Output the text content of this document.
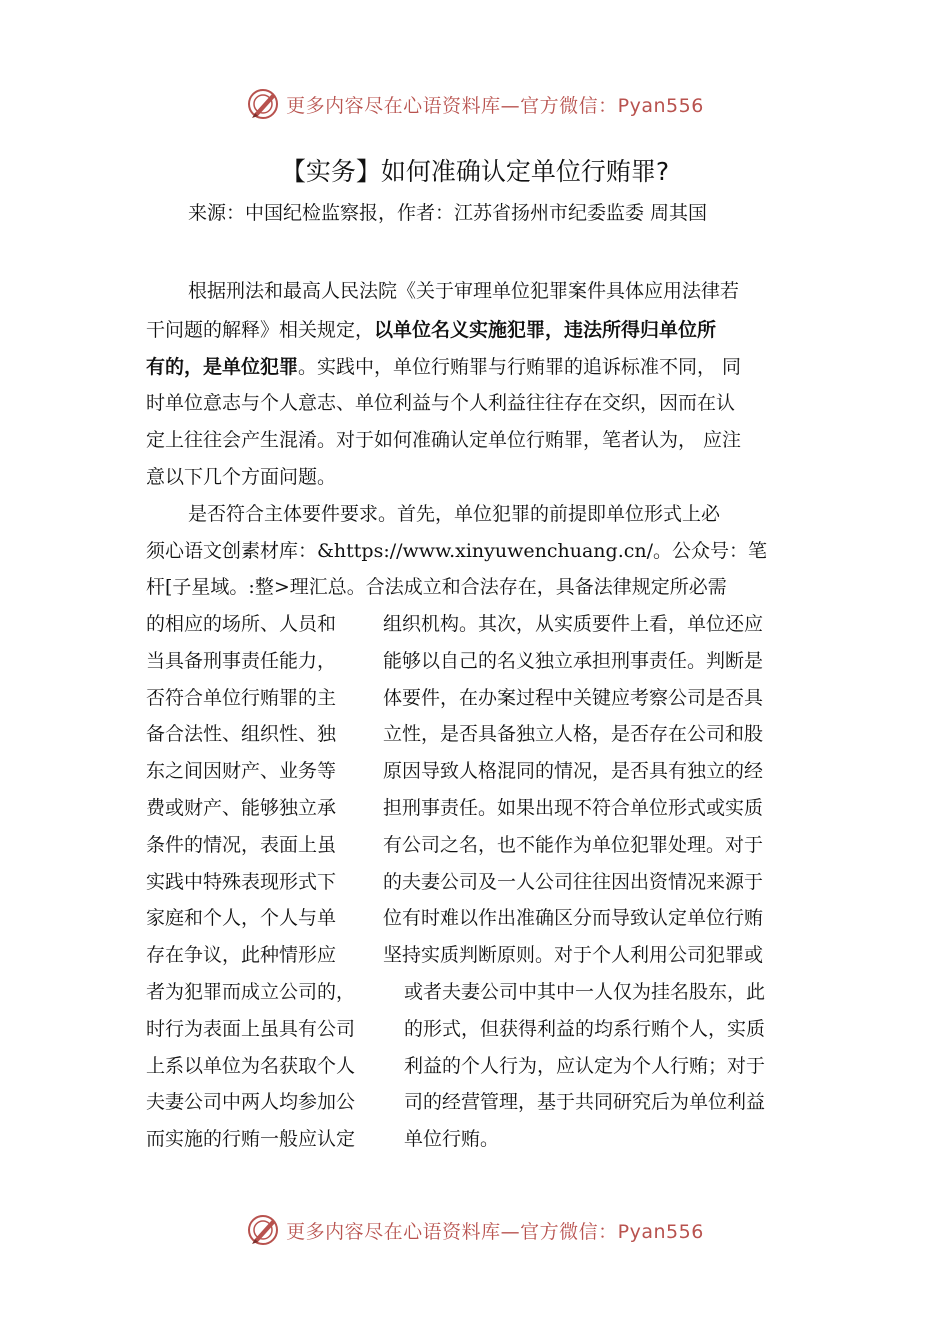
更多内容尽在心语资料库—官方微信：Pyan556
【实务】如何准确认定单位行贿罪?
来源：中国纪检监察报，作者：江苏省扬州市纪委监委 周其国
根据刑法和最高人民法院《关于审理单位犯罪案件具体应用法律若
干问题的解释》相关规定，以单位名义实施犯罪，违法所得归单位所
有的，是单位犯罪。实践中，单位行贿罪与行贿罪的追诉标准不同， 同
时单位意志与个人意志、单位利益与个人利益往往存在交织，因而在认
定上往往会产生混淆。对于如何准确认定单位行贿罪，笔者认为， 应注
意以下几个方面问题。
是否符合主体要件要求。首先，单位犯罪的前提即单位形式上必
须心语文创素材库：&https://www.xinyuwenchuang.cn/。公众号：笔
杆[子星域。:整>理汇总。合法成立和合法存在，具备法律规定所必需
的相应的场所、人员和 组织机构。其次，从实质要件上看，单位还应
当具备刑事责任能力， 能够以自己的名义独立承担刑事责任。判断是
否符合单位行贿罪的主 体要件，在办案过程中关键应考察公司是否具
备合法性、组织性、独 立性，是否具备独立人格，是否存在公司和股
东之间因财产、业务等 原因导致人格混同的情况，是否具有独立的经
费或财产、能够独立承 担刑事责任。如果出现不符合单位形式或实质
条件的情况，表面上虽 有公司之名，也不能作为单位犯罪处理。对于
实践中特殊表现形式下 的夫妻公司及一人公司往往因出资情况来源于
家庭和个人，个人与单 位有时难以作出准确区分而导致认定单位行贿
存在争议，此种情形应 坚持实质判断原则。对于个人利用公司犯罪或
者为犯罪而成立公司的，	或者夫妻公司中其中一人仅为挂名股东，此
时行为表面上虽具有公司	的形式，但获得利益的均系行贿个人，实质
上系以单位为名获取个人	利益的个人行为，应认定为个人行贿；对于
夫妻公司中两人均参加公	司的经营管理，基于共同研究后为单位利益
而实施的行贿一般应认定	单位行贿。
更多内容尽在心语资料库—官方微信：Pyan556
